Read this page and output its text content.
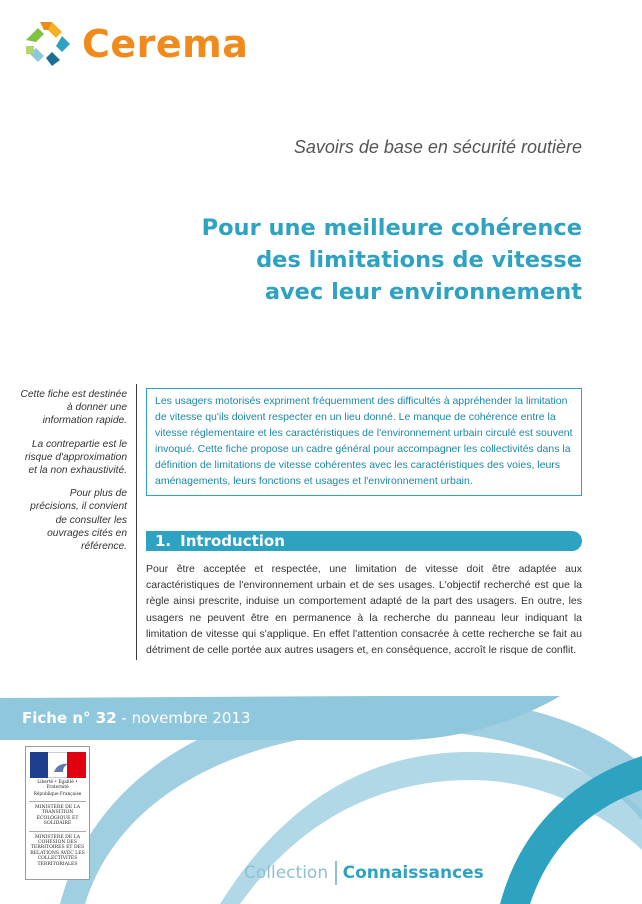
Cerema
Savoirs de base en sécurité routière
Pour une meilleure cohérence
des limitations de vitesse
avec leur environnement

Cette fiche est destinée à donner une information rapide.

La contrepartie est le risque d'approximation et la non exhaustivité.

Pour plus de précisions, il convient de consulter les ouvrages cités en référence.

Les usagers motorisés expriment fréquemment des difficultés à appréhender la limitation de vitesse qu'ils doivent respecter en un lieu donné. Le manque de cohérence entre la vitesse réglementaire et les caractéristiques de l'environnement urbain circulé est souvent invoqué. Cette fiche propose un cadre général pour accompagner les collectivités dans la définition de limitations de vitesse cohérentes avec les caractéristiques des voies, leurs aménagements, leurs fonctions et usages et l'environnement urbain.
1. Introduction
Pour être acceptée et respectée, une limitation de vitesse doit être adaptée aux caractéristiques de l'environnement urbain et de ses usages. L'objectif recherché est que la règle ainsi prescrite, induise un comportement adapté de la part des usagers. En outre, les usagers ne peuvent être en permanence à la recherche du panneau leur indiquant la limitation de vitesse qui s'applique. En effet l'attention consacrée à cette recherche se fait au détriment de celle portée aux autres usagers et, en conséquence, accroît le risque de conflit.
Fiche n° 32 - novembre 2013
Liberté • Égalité • Fraternité
République Française
MINISTÈRE DE LA TRANSITION ÉCOLOGIQUE ET SOLIDAIRE
MINISTÈRE DE LA COHÉSION DES TERRITOIRES ET DES RELATIONS AVEC LES COLLECTIVITÉS TERRITORIALES	Collection Connaissances
